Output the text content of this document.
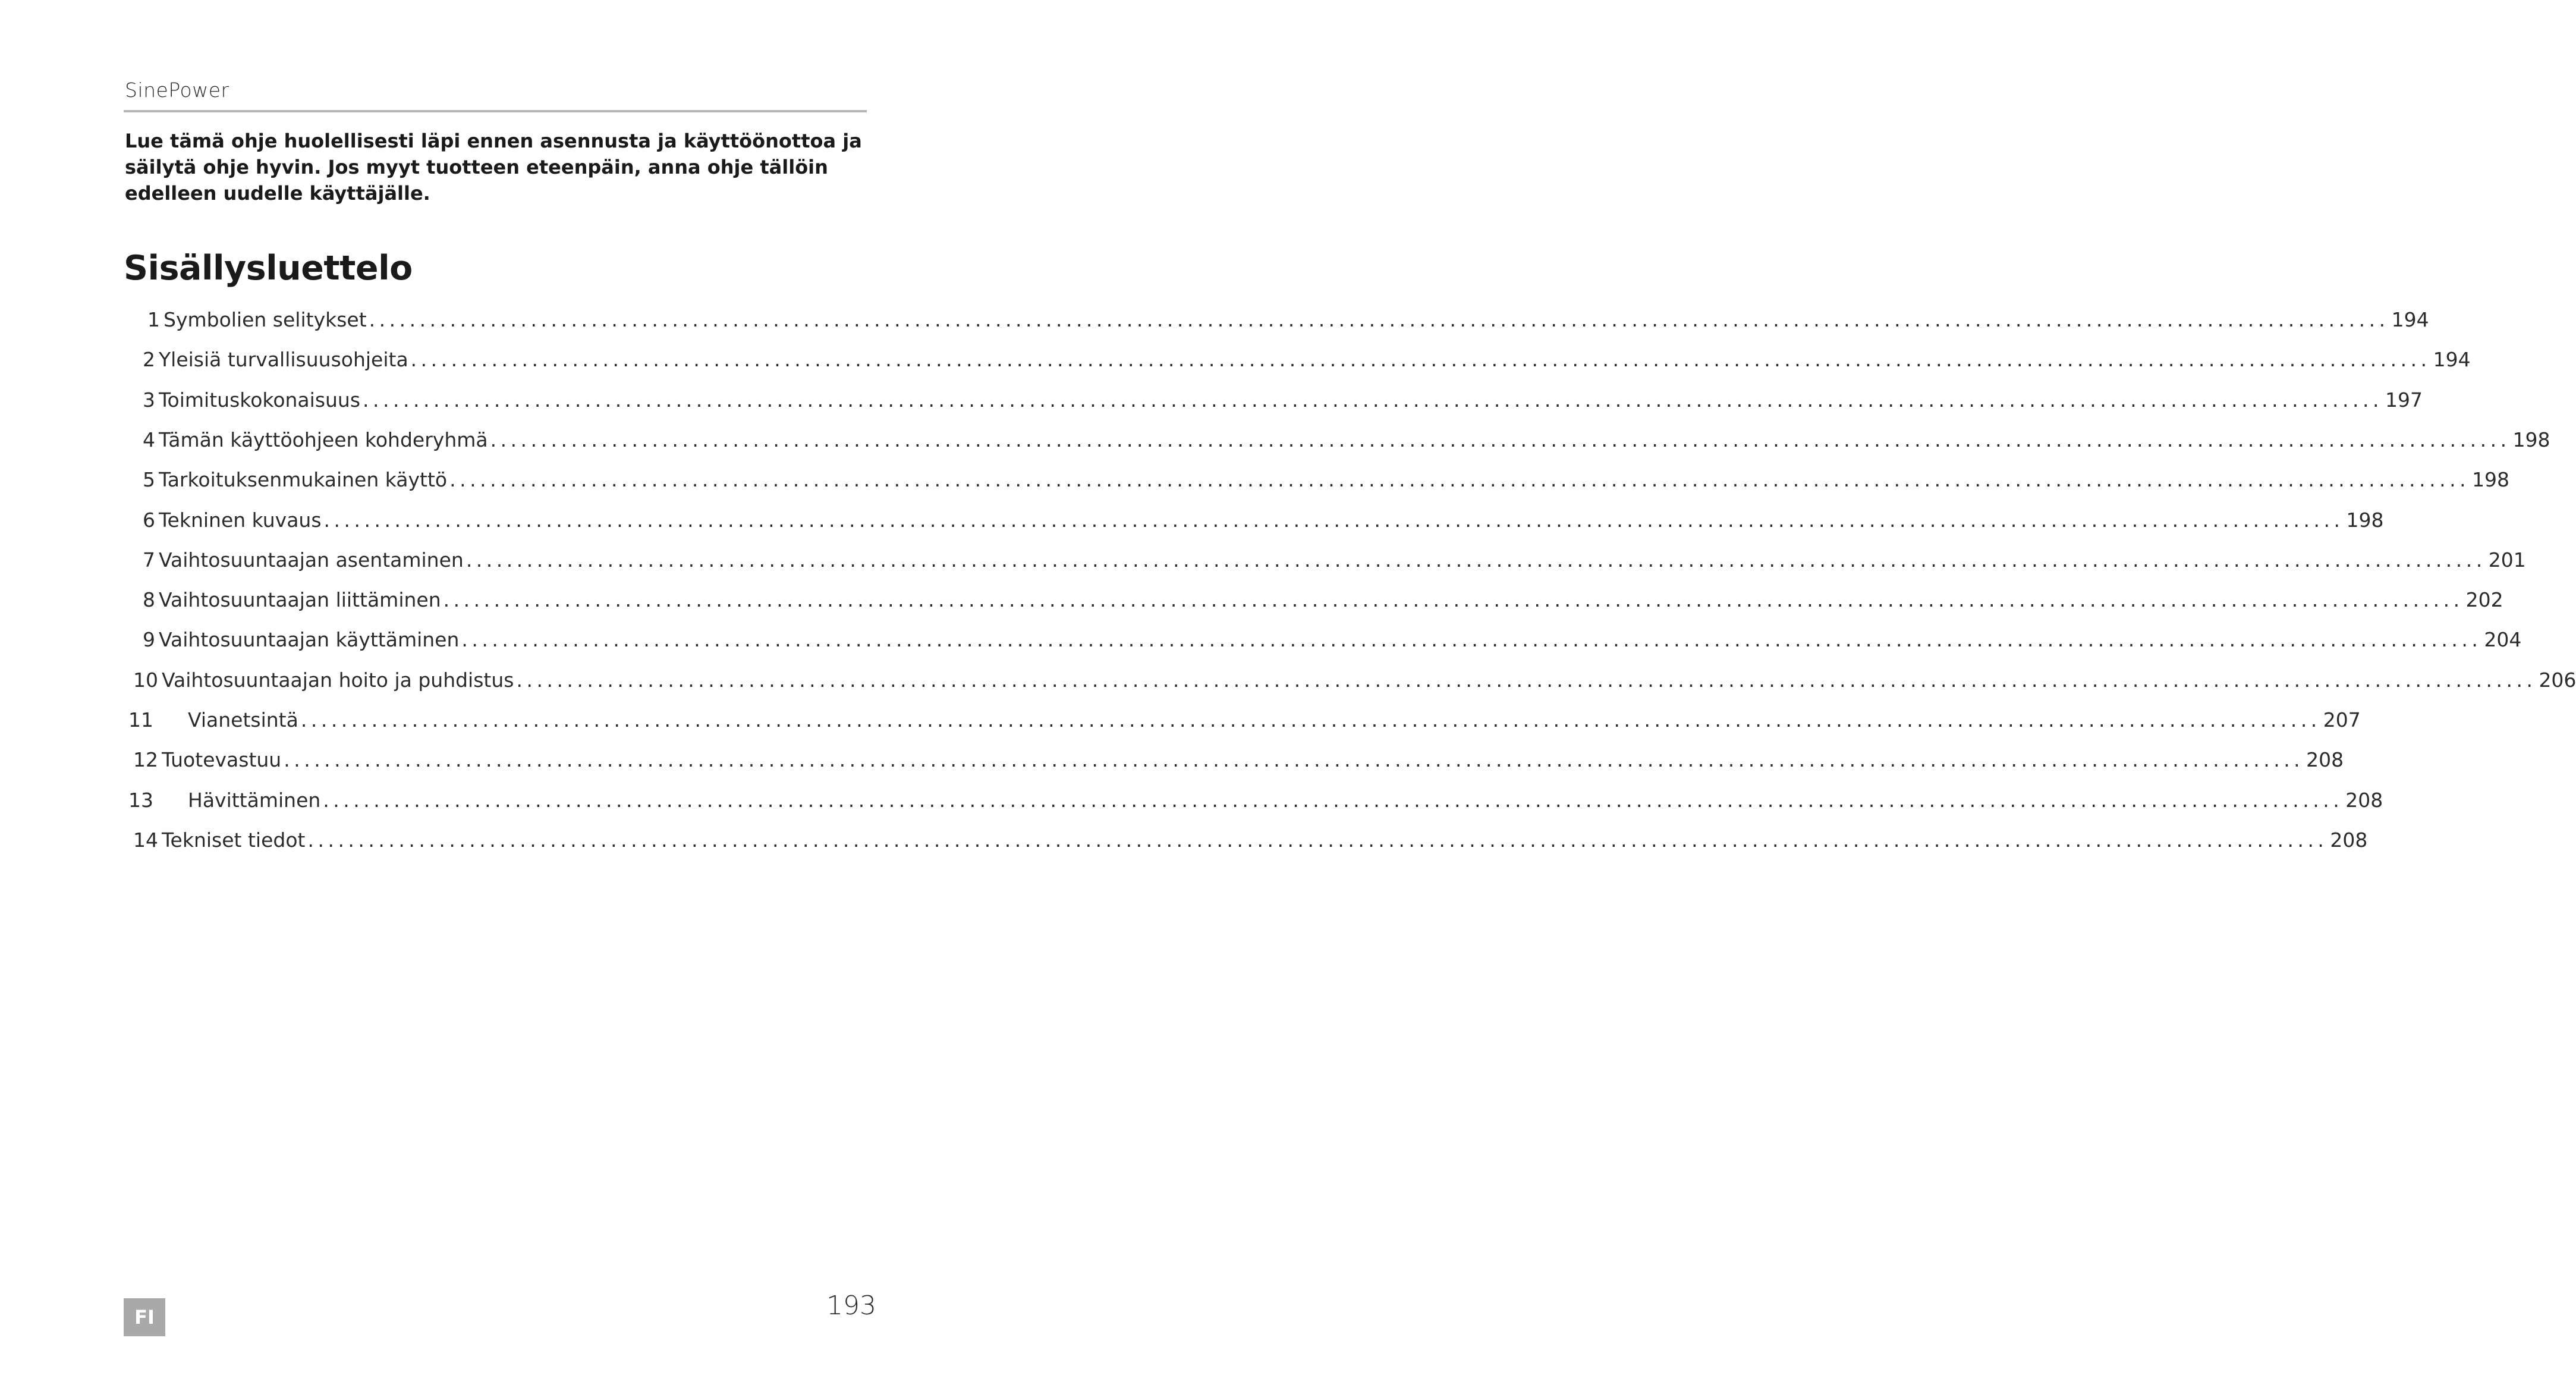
SinePower
Lue tämä ohje huolellisesti läpi ennen asennusta ja käyttöönottoa ja säilytä ohje hyvin. Jos myyt tuotteen eteenpäin, anna ohje tällöin edelleen uudelle käyttäjälle.
Sisällysluettelo
1 Symbolien selitykset ........................................................................................................................................................................................................ 194
2 Yleisiä turvallisuusohjeita ........................................................................................................................................................................................................ 194
3 Toimituskokonaisuus ........................................................................................................................................................................................................ 197
4 Tämän käyttöohjeen kohderyhmä ........................................................................................................................................................................................................ 198
5 Tarkoituksenmukainen käyttö ........................................................................................................................................................................................................ 198
6 Tekninen kuvaus ........................................................................................................................................................................................................ 198
7 Vaihtosuuntaajan asentaminen ........................................................................................................................................................................................................ 201
8 Vaihtosuuntaajan liittäminen ........................................................................................................................................................................................................ 202
9 Vaihtosuuntaajan käyttäminen ........................................................................................................................................................................................................ 204
10 Vaihtosuuntaajan hoito ja puhdistus ........................................................................................................................................................................................................ 206
11 Vianetsintä ........................................................................................................................................................................................................ 207
12 Tuotevastuu ........................................................................................................................................................................................................ 208
13 Hävittäminen ........................................................................................................................................................................................................ 208
14 Tekniset tiedot ........................................................................................................................................................................................................ 208
193
FI
